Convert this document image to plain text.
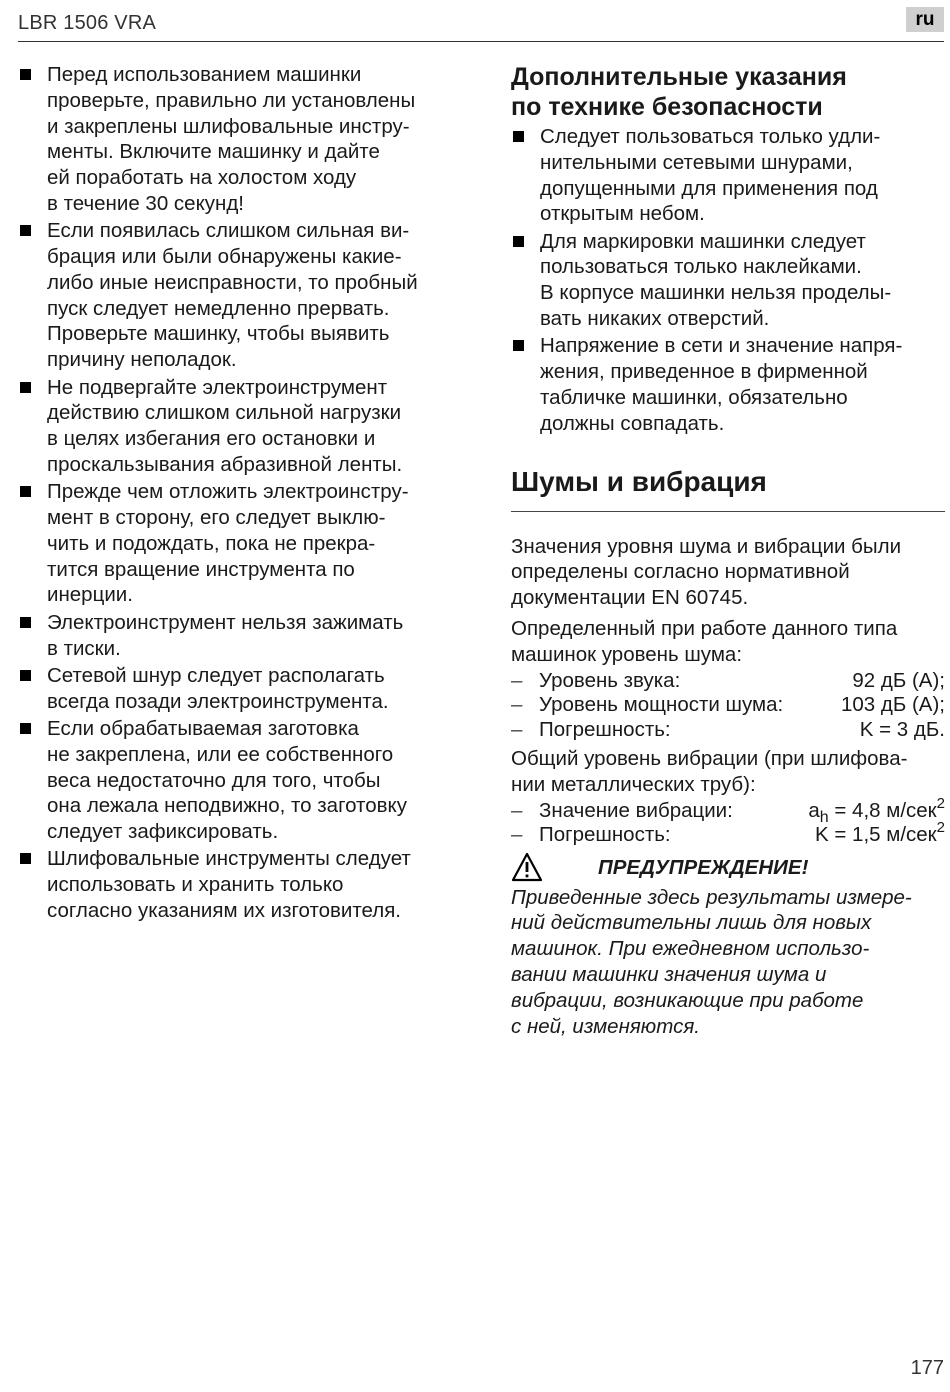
LBR 1506 VRA	ru
Перед использованием машинки
проверьте, правильно ли установлены
и закреплены шлифовальные инстру-
менты. Включите машинку и дайте
ей поработать на холостом ходу
в течение 30 секунд!
Если появилась слишком сильная ви-
брация или были обнаружены какие-
либо иные неисправности, то пробный
пуск следует немедленно прервать.
Проверьте машинку, чтобы выявить
причину неполадок.
Не подвергайте электроинструмент
действию слишком сильной нагрузки
в целях избегания его остановки и
проскальзывания абразивной ленты.
Прежде чем отложить электроинстру-
мент в сторону, его следует выклю-
чить и подождать, пока не прекра-
тится вращение инструмента по
инерции.
Электроинструмент нельзя зажимать
в тиски.
Сетевой шнур следует располагать
всегда позади электроинструмента.
Если обрабатываемая заготовка
не закреплена, или ее собственного
веса недостаточно для того, чтобы
она лежала неподвижно, то заготовку
следует зафиксировать.
Шлифовальные инструменты следует
использовать и хранить только
согласно указаниям их изготовителя.
Дополнительные указания
по технике безопасности
Следует пользоваться только удли-
нительными сетевыми шнурами,
допущенными для применения под
открытым небом.
Для маркировки машинки следует
пользоваться только наклейками.
В корпусе машинки нельзя проделы-
вать никаких отверстий.
Напряжение в сети и значение напря-
жения, приведенное в фирменной
табличке машинки, обязательно
должны совпадать.
Шумы и вибрация

Значения уровня шума и вибрации были
определены согласно нормативной
документации EN 60745.

Определенный при работе данного типа
машинок уровень шума:

– Уровень звука:	92 дБ (A);
– Уровень мощности шума:	103 дБ (A);
– Погрешность:	K = 3 дБ.

Общий уровень вибрации (при шлифова-
нии металлических труб):

– Значение вибрации:	$a_h = 4,8$ м/сек$^2$
– Погрешность:	K = 1,5 м/сек$^2$
ПРЕДУПРЕЖДЕНИЕ!
Приведенные здесь результаты измере-
ний действительны лишь для новых
машинок. При ежедневном использо-
вании машинки значения шума и
вибрации, возникающие при работе
с ней, изменяются.
177
